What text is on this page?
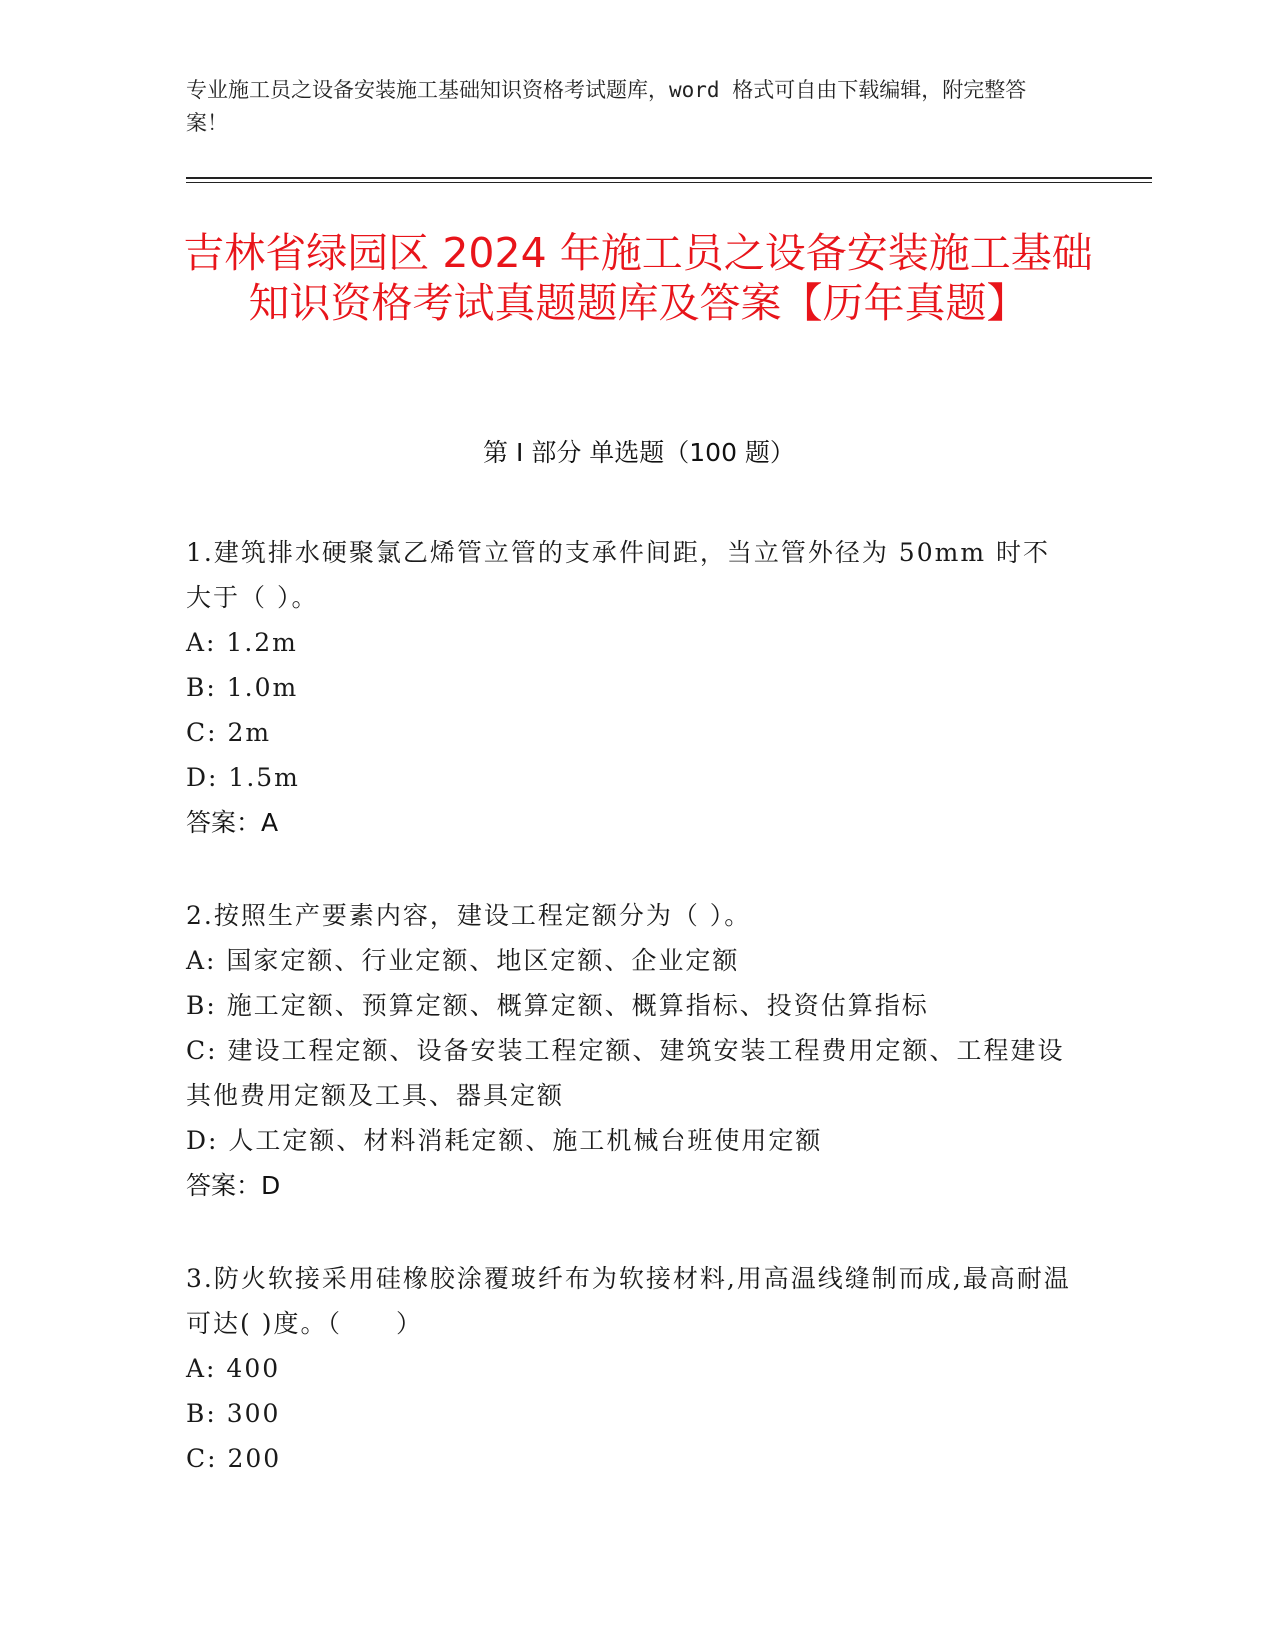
专业施工员之设备安装施工基础知识资格考试题库，word 格式可自由下载编辑，附完整答案！
吉林省绿园区 2024 年施工员之设备安装施工基础知识资格考试真题题库及答案【历年真题】
第 I 部分 单选题（100 题）
1.建筑排水硬聚氯乙烯管立管的支承件间距，当立管外径为 50mm 时不大于（ ）。
A: 1.2m
B: 1.0m
C: 2m
D: 1.5m
答案：A
2.按照生产要素内容，建设工程定额分为（ ）。
A: 国家定额、行业定额、地区定额、企业定额
B: 施工定额、预算定额、概算定额、概算指标、投资估算指标
C: 建设工程定额、设备安装工程定额、建筑安装工程费用定额、工程建设其他费用定额及工具、器具定额
D: 人工定额、材料消耗定额、施工机械台班使用定额
答案：D
3.防火软接采用硅橡胶涂覆玻纤布为软接材料,用高温线缝制而成,最高耐温可达( )度。（　　）
A: 400
B: 300
C: 200
